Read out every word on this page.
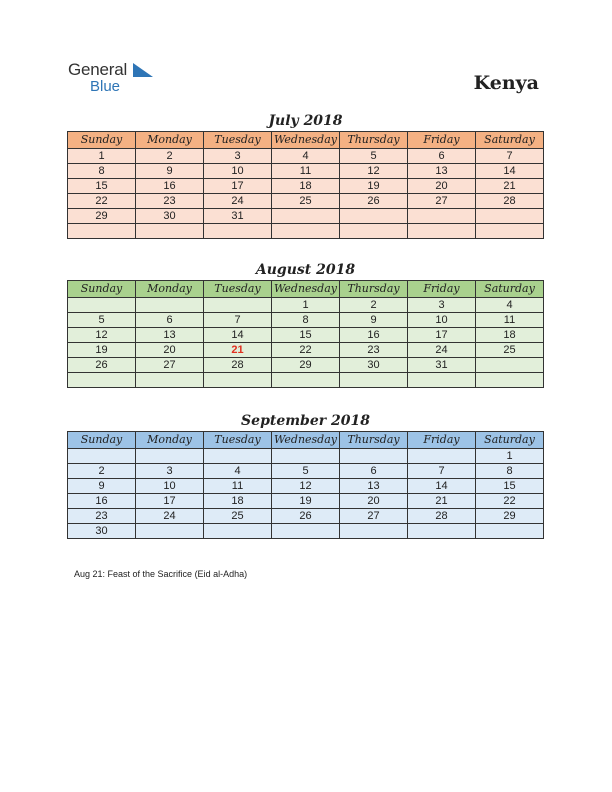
General
Blue	Kenya
July 2018
Sunday	Monday	Tuesday	Wednesday	Thursday	Friday	Saturday
1	2	3	4	5	6	7
8	9	10	11	12	13	14
15	16	17	18	19	20	21
22	23	24	25	26	27	28
29	30	31				

August 2018
Sunday	Monday	Tuesday	Wednesday	Thursday	Friday	Saturday
			1	2	3	4
5	6	7	8	9	10	11
12	13	14	15	16	17	18
19	20	21	22	23	24	25
26	27	28	29	30	31	

September 2018
Sunday	Monday	Tuesday	Wednesday	Thursday	Friday	Saturday
						1
2	3	4	5	6	7	8
9	10	11	12	13	14	15
16	17	18	19	20	21	22
23	24	25	26	27	28	29
30						
Aug 21: Feast of the Sacrifice (Eid al-Adha)
